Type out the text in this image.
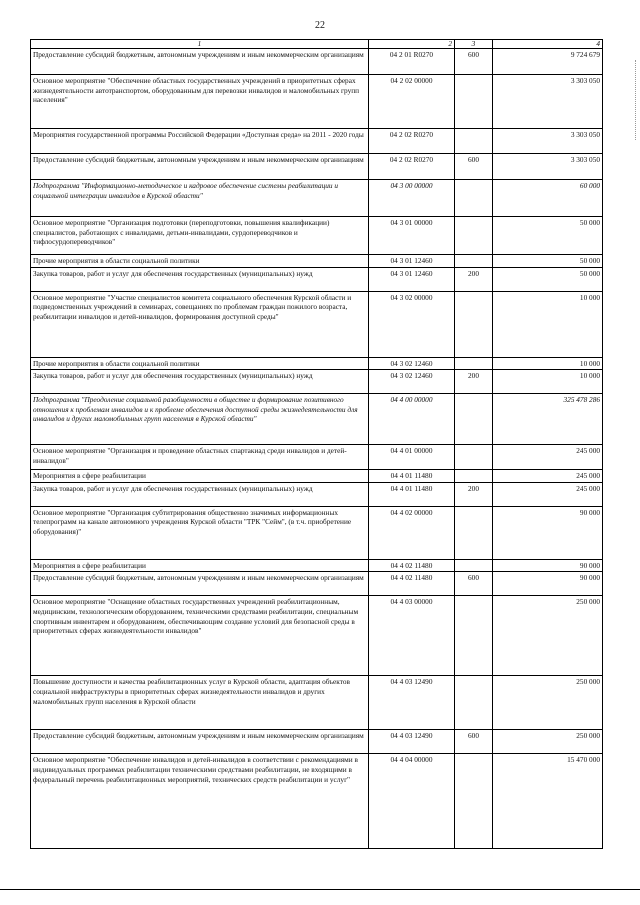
22
1	2	3	4
Предоставление субсидий бюджетным, автономным учреждениям и иным некоммерческим организациям	04 2 01 R0270	600	9 724 679
Основное мероприятие "Обеспечение областных государственных учреждений в приоритетных сферах жизнедеятельности автотранспортом, оборудованным для перевозки инвалидов и маломобильных групп населения"	04 2 02 00000		3 303 050
Мероприятия государственной программы Российской Федерации «Доступная среда» на 2011 - 2020 годы	04 2 02 R0270		3 303 050
Предоставление субсидий бюджетным, автономным учреждениям и иным некоммерческим организациям	04 2 02 R0270	600	3 303 050
Подпрограмма "Информационно-методическое и кадровое обеспечение системы реабилитации и социальной интеграции инвалидов в Курской области"	04 3 00 00000		60 000
Основное мероприятие "Организация подготовки (переподготовки, повышения квалификации) специалистов, работающих с инвалидами, детьми-инвалидами, сурдопереводчиков и тифлосурдопереводчиков"	04 3 01 00000		50 000
Прочие мероприятия в области социальной политики	04 3 01 12460		50 000
Закупка товаров, работ и услуг для обеспечения государственных (муниципальных) нужд	04 3 01 12460	200	50 000
Основное мероприятие "Участие специалистов комитета социального обеспечения Курской области и подведомственных учреждений в семинарах, совещаниях по проблемам граждан пожилого возраста, реабилитации инвалидов и детей-инвалидов, формирования доступной среды"	04 3 02 00000		10 000
Прочие мероприятия в области социальной политики	04 3 02 12460		10 000
Закупка товаров, работ и услуг для обеспечения государственных (муниципальных) нужд	04 3 02 12460	200	10 000
Подпрограмма "Преодоление социальной разобщенности в обществе и формирование позитивного отношения к проблемам инвалидов и к проблеме обеспечения доступной среды жизнедеятельности для инвалидов и других маломобильных групп населения в Курской области"	04 4 00 00000		325 478 286
Основное мероприятие "Организация и проведение областных спартакиад среди инвалидов и детей-инвалидов"	04 4 01 00000		245 000
Мероприятия в сфере реабилитации	04 4 01 11480		245 000
Закупка товаров, работ и услуг для обеспечения государственных (муниципальных) нужд	04 4 01 11480	200	245 000
Основное мероприятие "Организация субтитрирования общественно значимых информационных телепрограмм на канале автономного учреждения Курской области "ТРК "Сейм", (в т.ч. приобретение оборудования)"	04 4 02 00000		90 000
Мероприятия в сфере реабилитации	04 4 02 11480		90 000
Предоставление субсидий бюджетным, автономным учреждениям и иным некоммерческим организациям	04 4 02 11480	600	90 000
Основное мероприятие "Оснащение областных государственных учреждений реабилитационным, медицинским, технологическим оборудованием, техническими средствами реабилитации, специальным спортивным инвентарем и оборудованием, обеспечивающим создание условий для безопасной среды в приоритетных сферах жизнедеятельности инвалидов"	04 4 03 00000		250 000
Повышение доступности и качества реабилитационных услуг в Курской области, адаптация объектов социальной инфраструктуры в приоритетных сферах жизнедеятельности инвалидов и других маломобильных групп населения в Курской области	04 4 03 12490		250 000
Предоставление субсидий бюджетным, автономным учреждениям и иным некоммерческим организациям	04 4 03 12490	600	250 000
Основное мероприятие "Обеспечение инвалидов и детей-инвалидов в соответствии с рекомендациями в индивидуальных программах реабилитации техническими средствами реабилитации, не входящими в федеральный перечень реабилитационных мероприятий, технических средств реабилитации и услуг"	04 4 04 00000		15 470 000
